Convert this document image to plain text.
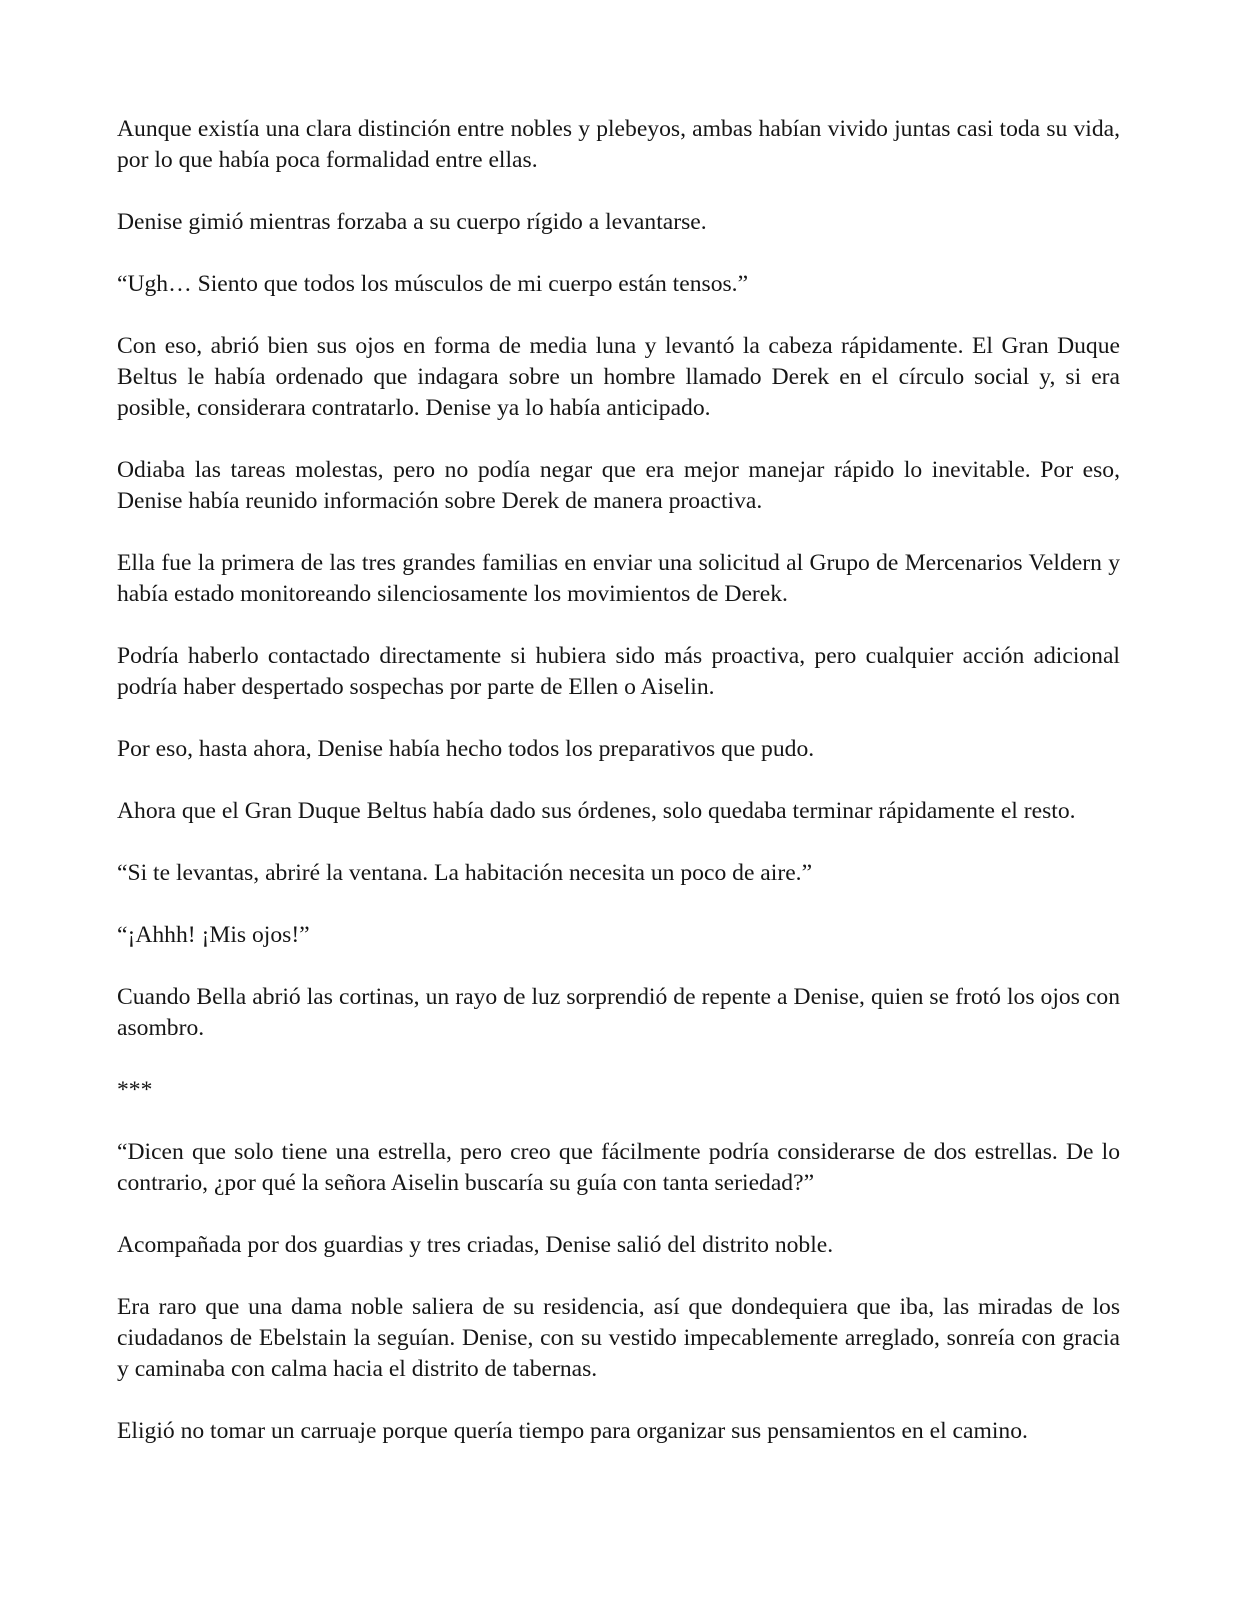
Aunque existía una clara distinción entre nobles y plebeyos, ambas habían vivido juntas casi toda su vida, por lo que había poca formalidad entre ellas.

Denise gimió mientras forzaba a su cuerpo rígido a levantarse.

“Ugh… Siento que todos los músculos de mi cuerpo están tensos.”

Con eso, abrió bien sus ojos en forma de media luna y levantó la cabeza rápidamente. El Gran Duque Beltus le había ordenado que indagara sobre un hombre llamado Derek en el círculo social y, si era posible, considerara contratarlo. Denise ya lo había anticipado.

Odiaba las tareas molestas, pero no podía negar que era mejor manejar rápido lo inevitable. Por eso, Denise había reunido información sobre Derek de manera proactiva.

Ella fue la primera de las tres grandes familias en enviar una solicitud al Grupo de Mercenarios Veldern y había estado monitoreando silenciosamente los movimientos de Derek.

Podría haberlo contactado directamente si hubiera sido más proactiva, pero cualquier acción adicional podría haber despertado sospechas por parte de Ellen o Aiselin.

Por eso, hasta ahora, Denise había hecho todos los preparativos que pudo.

Ahora que el Gran Duque Beltus había dado sus órdenes, solo quedaba terminar rápidamente el resto.

“Si te levantas, abriré la ventana. La habitación necesita un poco de aire.”

“¡Ahhh! ¡Mis ojos!”

Cuando Bella abrió las cortinas, un rayo de luz sorprendió de repente a Denise, quien se frotó los ojos con asombro.

***

“Dicen que solo tiene una estrella, pero creo que fácilmente podría considerarse de dos estrellas. De lo contrario, ¿por qué la señora Aiselin buscaría su guía con tanta seriedad?”

Acompañada por dos guardias y tres criadas, Denise salió del distrito noble.

Era raro que una dama noble saliera de su residencia, así que dondequiera que iba, las miradas de los ciudadanos de Ebelstain la seguían. Denise, con su vestido impecablemente arreglado, sonreía con gracia y caminaba con calma hacia el distrito de tabernas.

Eligió no tomar un carruaje porque quería tiempo para organizar sus pensamientos en el camino.
